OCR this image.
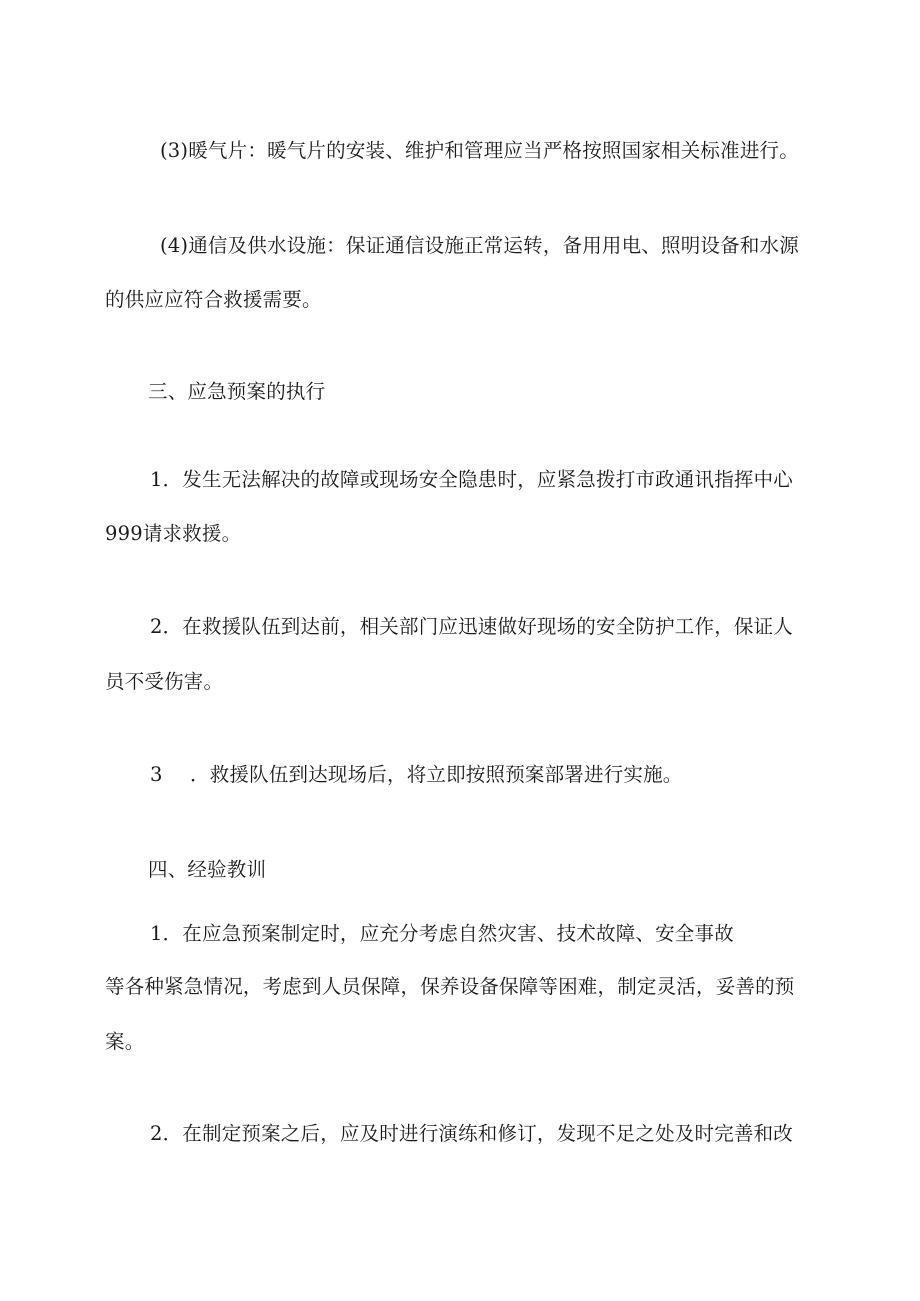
(3)暖气片：暖气片的安装、维护和管理应当严格按照国家相关标准进行。
(4)通信及供水设施：保证通信设施正常运转，备用用电、照明设备和水源
的供应应符合救援需要。
三、应急预案的执行
1．发生无法解决的故障或现场安全隐患时，应紧急拨打市政通讯指挥中心
999请求救援。
2．在救援队伍到达前，相关部门应迅速做好现场的安全防护工作，保证人
员不受伤害。
3 ．救援队伍到达现场后，将立即按照预案部署进行实施。
四、经验教训
1．在应急预案制定时，应充分考虑自然灾害、技术故障、安全事故
等各种紧急情况，考虑到人员保障，保养设备保障等困难，制定灵活，妥善的预
案。
2．在制定预案之后，应及时进行演练和修订，发现不足之处及时完善和改
